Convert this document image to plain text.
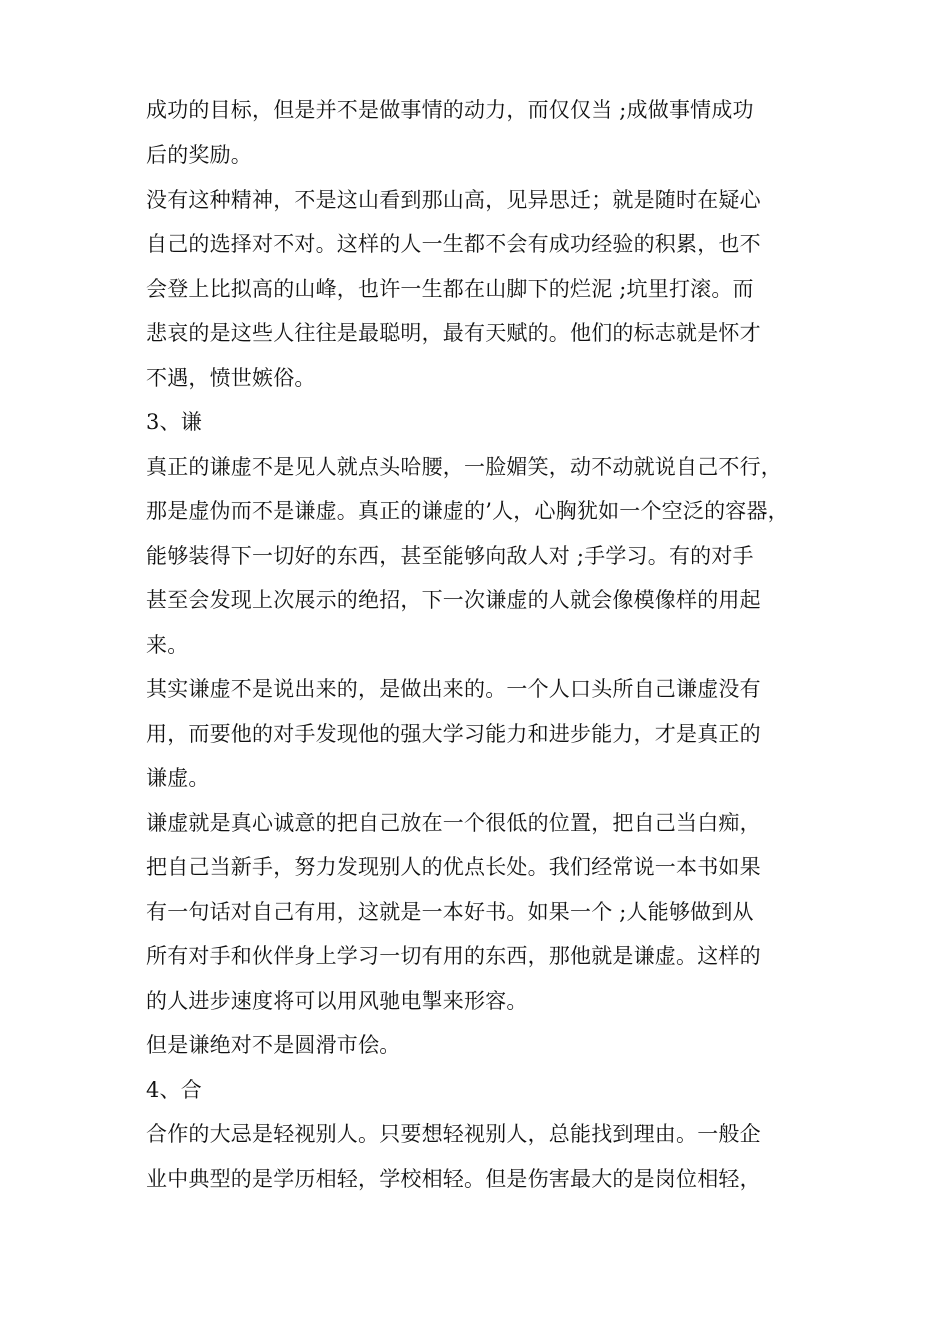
成功的目标，但是并不是做事情的动力，而仅仅当 ;成做事情成功
后的奖励。
没有这种精神，不是这山看到那山高，见异思迁；就是随时在疑心
自己的选择对不对。这样的人一生都不会有成功经验的积累，也不
会登上比拟高的山峰，也许一生都在山脚下的烂泥 ;坑里打滚。而
悲哀的是这些人往往是最聪明，最有天赋的。他们的标志就是怀才
不遇，愤世嫉俗。
3、谦
真正的谦虚不是见人就点头哈腰，一脸媚笑，动不动就说自己不行，
那是虚伪而不是谦虚。真正的谦虚的’人，心胸犹如一个空泛的容器，
能够装得下一切好的东西，甚至能够向敌人对 ;手学习。有的对手
甚至会发现上次展示的绝招，下一次谦虚的人就会像模像样的用起
来。
其实谦虚不是说出来的，是做出来的。一个人口头所自己谦虚没有
用，而要他的对手发现他的强大学习能力和进步能力，才是真正的
谦虚。
谦虚就是真心诚意的把自己放在一个很低的位置，把自己当白痴，
把自己当新手，努力发现别人的优点长处。我们经常说一本书如果
有一句话对自己有用，这就是一本好书。如果一个 ;人能够做到从
所有对手和伙伴身上学习一切有用的东西，那他就是谦虚。这样的
的人进步速度将可以用风驰电掣来形容。
但是谦绝对不是圆滑市侩。
4、合
合作的大忌是轻视别人。只要想轻视别人，总能找到理由。一般企
业中典型的是学历相轻，学校相轻。但是伤害最大的是岗位相轻，
